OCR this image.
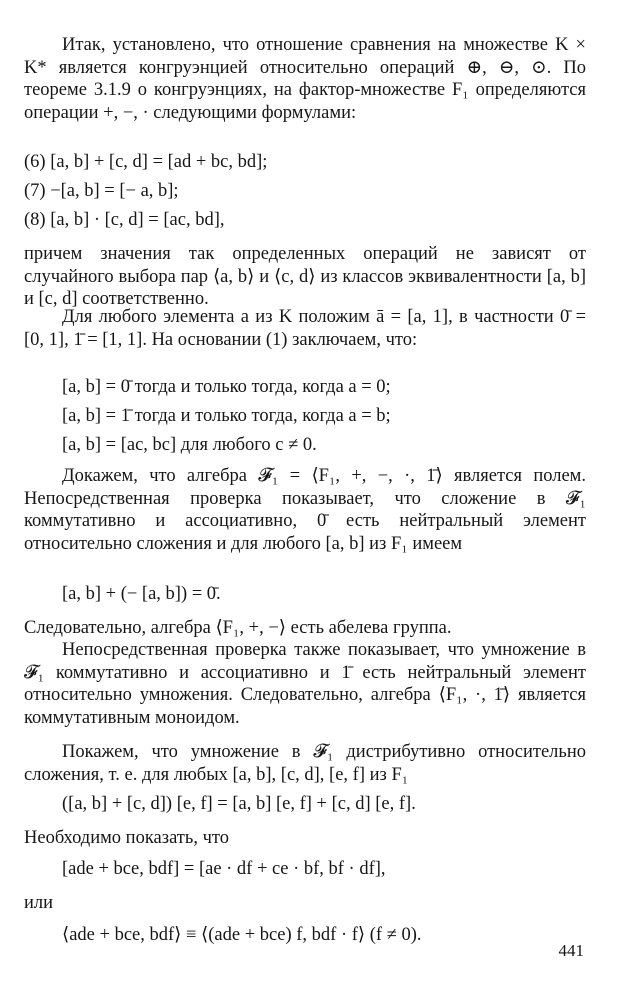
Итак, установлено, что отношение сравнения на множестве K × K* является конгруэнцией относительно операций ⊕, ⊖, ⊙. По теореме 3.1.9 о конгруэнциях, на фактор-множестве F₁ определяются операции +, −, · следующими формулами:

(6) [a, b] + [c, d] = [ad + bc, bd];

(7) −[a, b] = [− a, b];

(8) [a, b] · [c, d] = [ac, bd],

причем значения так определенных операций не зависят от случайного выбора пар ⟨a, b⟩ и ⟨c, d⟩ из классов эквивалентности [a, b] и [c, d] соответственно.

Для любого элемента a из K положим ā = [a, 1], в частности 0̄ = [0, 1], 1̄ = [1, 1]. На основании (1) заключаем, что:

[a, b] = 0̄ тогда и только тогда, когда a = 0;

[a, b] = 1̄ тогда и только тогда, когда a = b;

[a, b] = [ac, bc] для любого c ≠ 0.

Докажем, что алгебра 𝓕₁ = ⟨F₁, +, −, ·, 1̄⟩ является полем. Непосредственная проверка показывает, что сложение в 𝓕₁ коммутативно и ассоциативно, 0̄ есть нейтральный элемент относительно сложения и для любого [a, b] из F₁ имеем

[a, b] + (− [a, b]) = 0̄.

Следовательно, алгебра ⟨F₁, +, −⟩ есть абелева группа.

Непосредственная проверка также показывает, что умножение в 𝓕₁ коммутативно и ассоциативно и 1̄ есть нейтральный элемент относительно умножения. Следовательно, алгебра ⟨F₁, ·, 1̄⟩ является коммутативным моноидом.

Покажем, что умножение в 𝓕₁ дистрибутивно относительно сложения, т. е. для любых [a, b], [c, d], [e, f] из F₁

([a, b] + [c, d]) [e, f] = [a, b] [e, f] + [c, d] [e, f].

Необходимо показать, что

[ade + bce, bdf] = [ae · df + ce · bf, bf · df],

или

⟨ade + bce, bdf⟩ ≡ ⟨(ade + bce) f, bdf · f⟩ (f ≠ 0).

441
